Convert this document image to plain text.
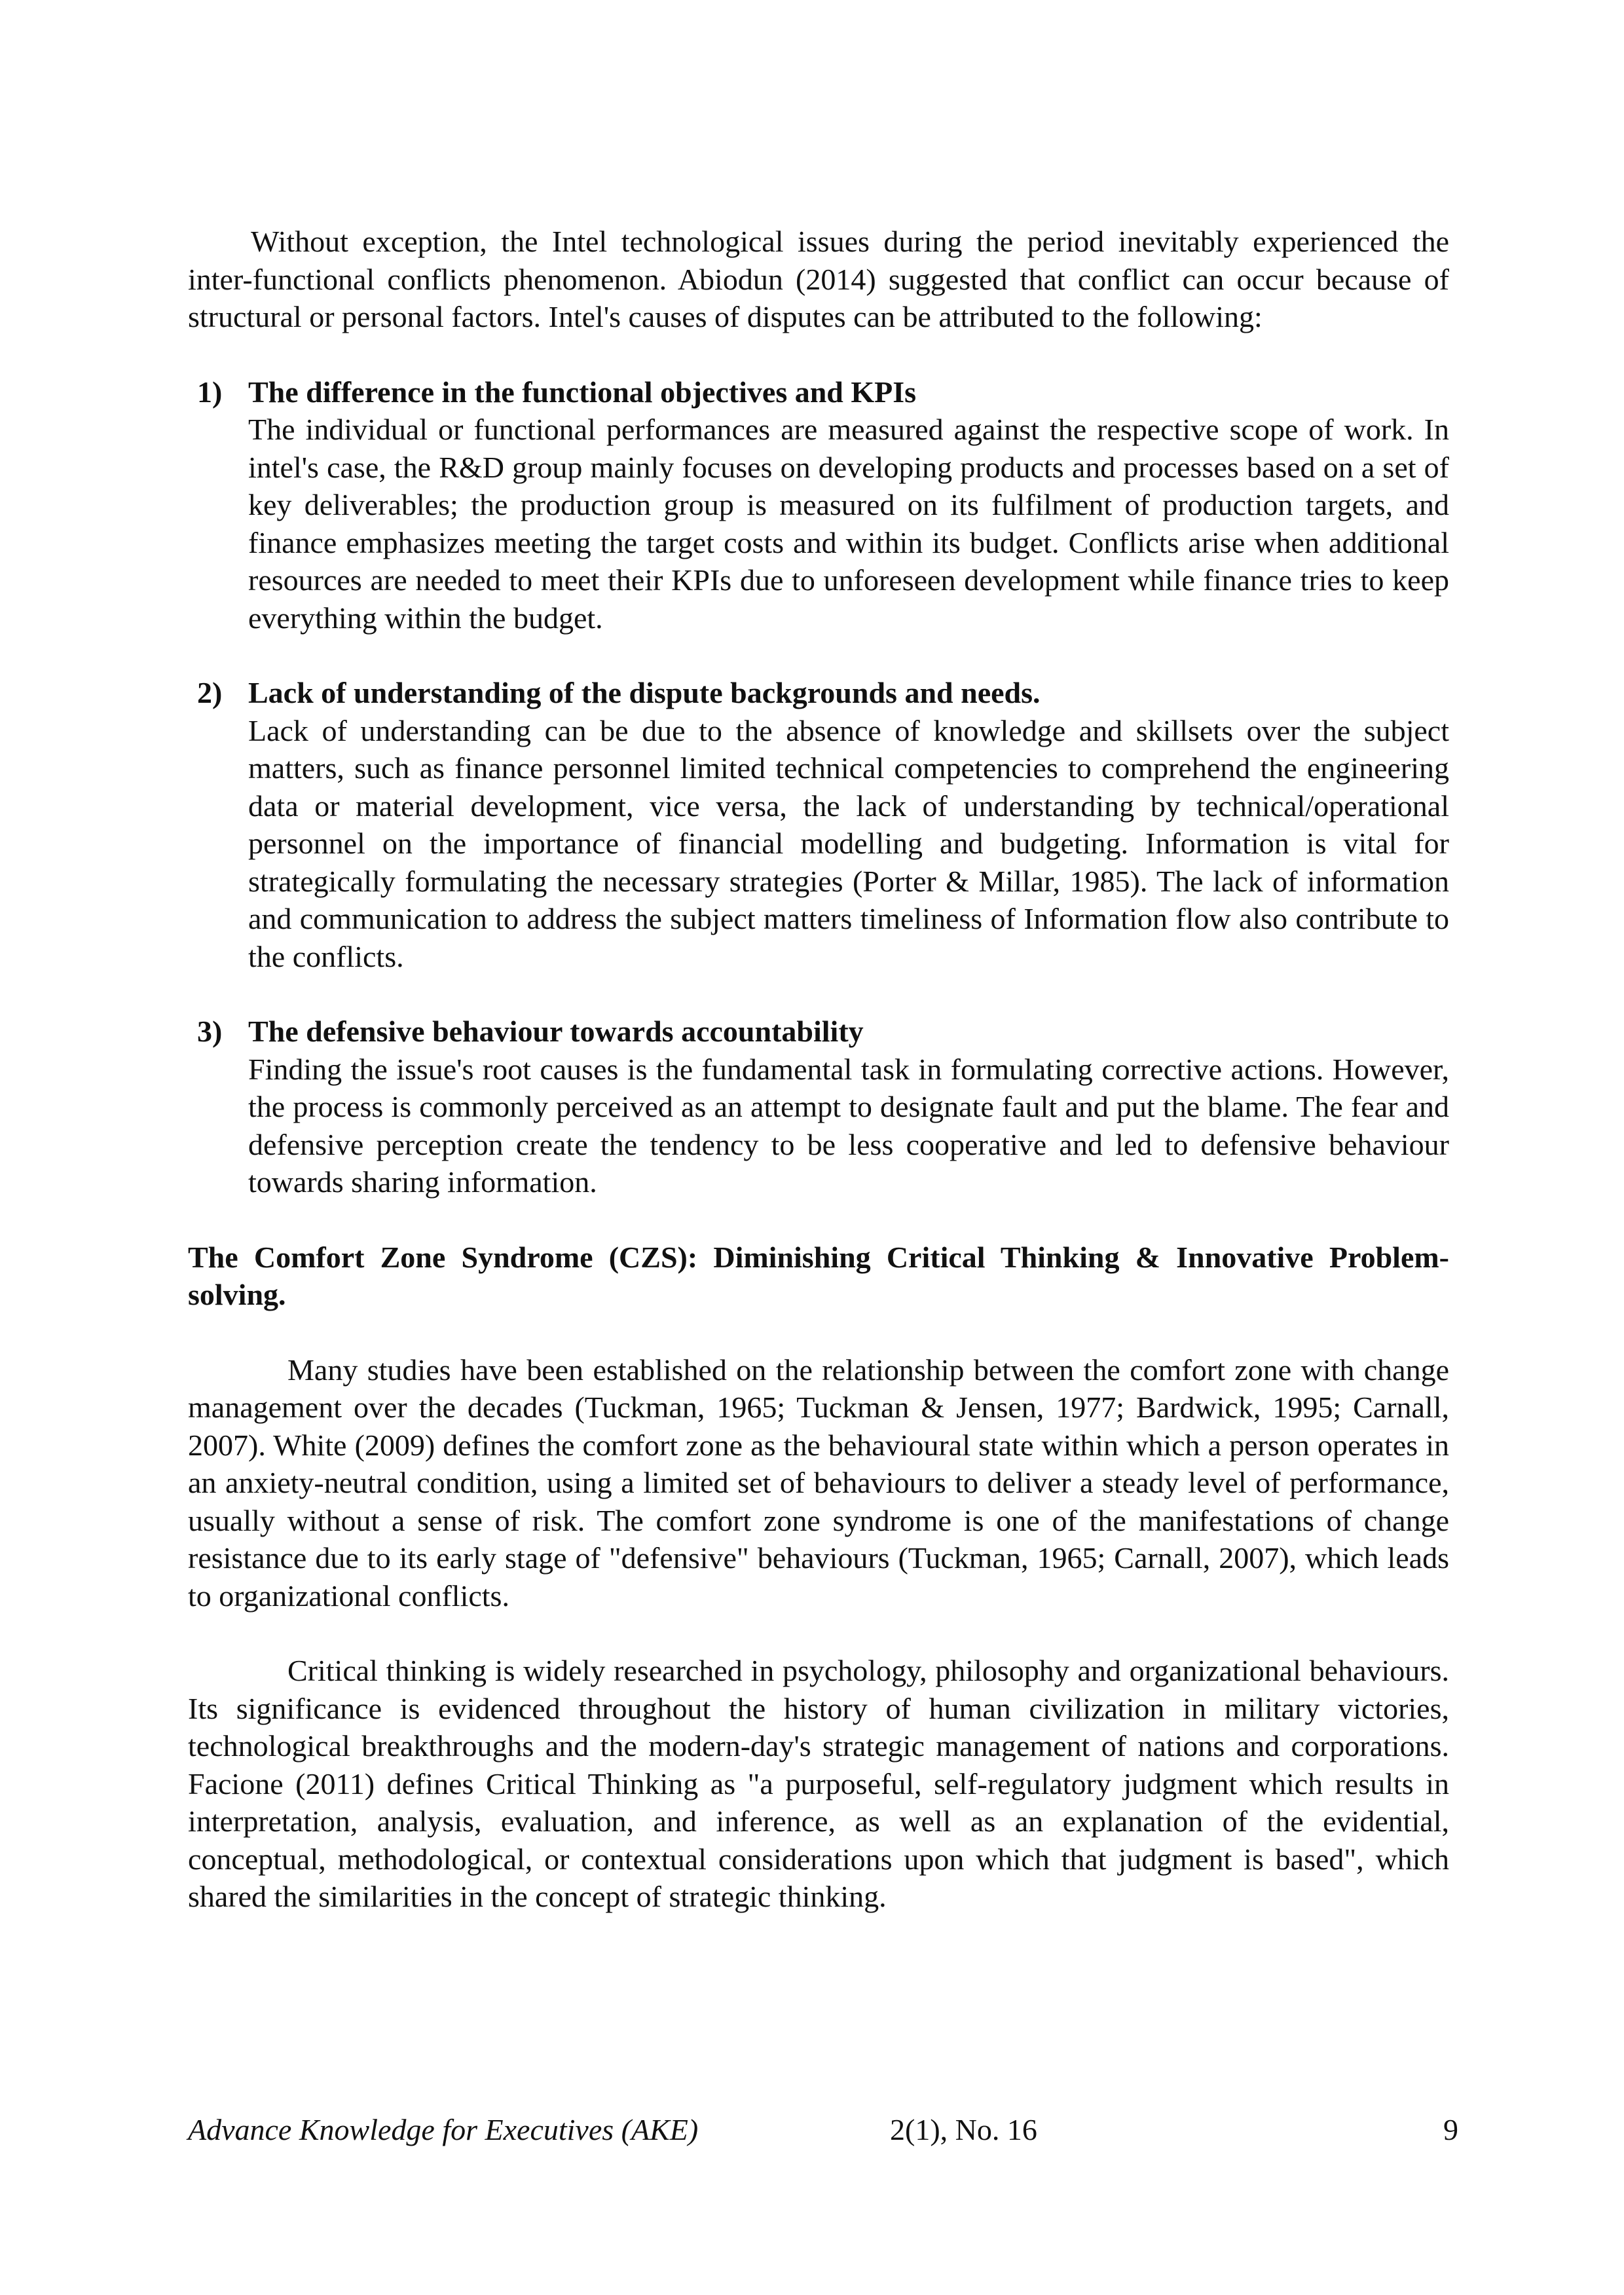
Without exception, the Intel technological issues during the period inevitably experienced the inter-functional conflicts phenomenon. Abiodun (2014) suggested that conflict can occur because of structural or personal factors. Intel's causes of disputes can be attributed to the following:

1) The difference in the functional objectives and KPIs

The individual or functional performances are measured against the respective scope of work. In intel's case, the R&D group mainly focuses on developing products and processes based on a set of key deliverables; the production group is measured on its fulfilment of production targets, and finance emphasizes meeting the target costs and within its budget. Conflicts arise when additional resources are needed to meet their KPIs due to unforeseen development while finance tries to keep everything within the budget.

2) Lack of understanding of the dispute backgrounds and needs.

Lack of understanding can be due to the absence of knowledge and skillsets over the subject matters, such as finance personnel limited technical competencies to comprehend the engineering data or material development, vice versa, the lack of understanding by technical/operational personnel on the importance of financial modelling and budgeting. Information is vital for strategically formulating the necessary strategies (Porter & Millar, 1985). The lack of information and communication to address the subject matters timeliness of Information flow also contribute to the conflicts.

3) The defensive behaviour towards accountability

Finding the issue's root causes is the fundamental task in formulating corrective actions. However, the process is commonly perceived as an attempt to designate fault and put the blame. The fear and defensive perception create the tendency to be less cooperative and led to defensive behaviour towards sharing information.

The Comfort Zone Syndrome (CZS): Diminishing Critical Thinking & Innovative Problem-solving.

Many studies have been established on the relationship between the comfort zone with change management over the decades (Tuckman, 1965; Tuckman & Jensen, 1977; Bardwick, 1995; Carnall, 2007). White (2009) defines the comfort zone as the behavioural state within which a person operates in an anxiety-neutral condition, using a limited set of behaviours to deliver a steady level of performance, usually without a sense of risk. The comfort zone syndrome is one of the manifestations of change resistance due to its early stage of "defensive" behaviours (Tuckman, 1965; Carnall, 2007), which leads to organizational conflicts.

Critical thinking is widely researched in psychology, philosophy and organizational behaviours. Its significance is evidenced throughout the history of human civilization in military victories, technological breakthroughs and the modern-day's strategic management of nations and corporations. Facione (2011) defines Critical Thinking as "a purposeful, self-regulatory judgment which results in interpretation, analysis, evaluation, and inference, as well as an explanation of the evidential, conceptual, methodological, or contextual considerations upon which that judgment is based", which shared the similarities in the concept of strategic thinking.

Advance Knowledge for Executives (AKE)	2(1), No. 16	9
